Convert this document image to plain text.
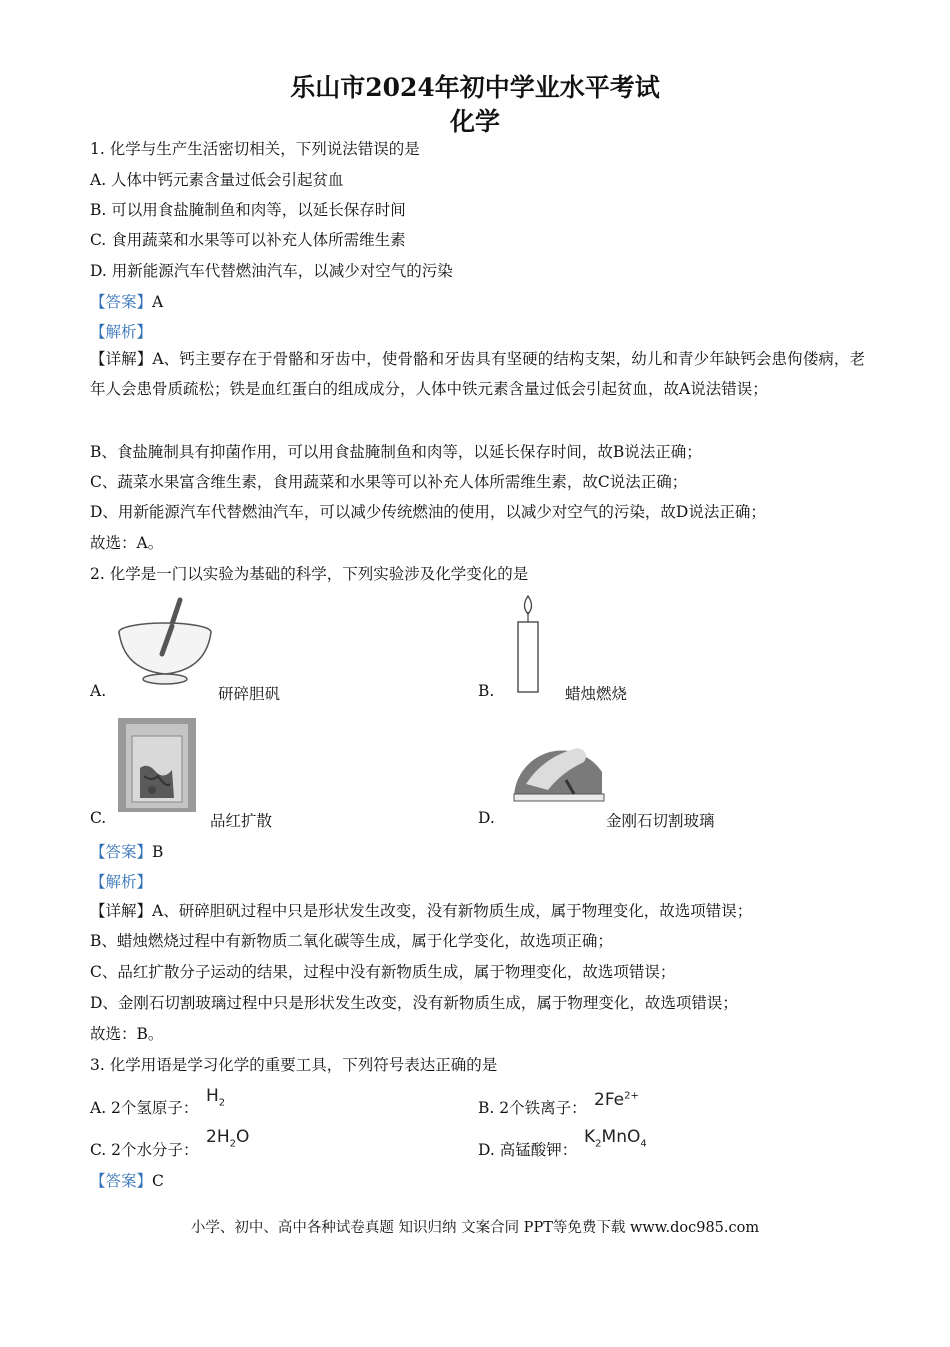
乐山市2024年初中学业水平考试
化学
1. 化学与生产生活密切相关，下列说法错误的是
A. 人体中钙元素含量过低会引起贫血
B. 可以用食盐腌制鱼和肉等，以延长保存时间
C. 食用蔬菜和水果等可以补充人体所需维生素
D. 用新能源汽车代替燃油汽车，以减少对空气的污染
【答案】A
【解析】
【详解】A、钙主要存在于骨骼和牙齿中，使骨骼和牙齿具有坚硬的结构支架，幼儿和青少年缺钙会患佝偻病，老年人会患骨质疏松；铁是血红蛋白的组成成分，人体中铁元素含量过低会引起贫血，故A说法错误；
B、食盐腌制具有抑菌作用，可以用食盐腌制鱼和肉等，以延长保存时间，故B说法正确；
C、蔬菜水果富含维生素，食用蔬菜和水果等可以补充人体所需维生素，故C说法正确；
D、用新能源汽车代替燃油汽车，可以减少传统燃油的使用，以减少对空气的污染，故D说法正确；
故选：A。
2. 化学是一门以实验为基础的科学，下列实验涉及化学变化的是
A.	研碎胆矾	B.	蜡烛燃烧
C.	品红扩散	D.	金刚石切割玻璃
【答案】B
【解析】
【详解】A、研碎胆矾过程中只是形状发生改变，没有新物质生成，属于物理变化，故选项错误；
B、蜡烛燃烧过程中有新物质二氧化碳等生成，属于化学变化，故选项正确；
C、品红扩散分子运动的结果，过程中没有新物质生成，属于物理变化，故选项错误；
D、金刚石切割玻璃过程中只是形状发生改变，没有新物质生成，属于物理变化，故选项错误；
故选：B。
3. 化学用语是学习化学的重要工具，下列符号表达正确的是
A. 2个氢原子：
$H_2$	B. 2个铁离子： $2Fe^{2+}$
C. 2个水分子：
$2H_2O$
D. 高锰酸钾：
$K_2MnO_4$
【答案】C
小学、初中、高中各种试卷真题 知识归纳 文案合同 PPT等免费下载 www.doc985.com
